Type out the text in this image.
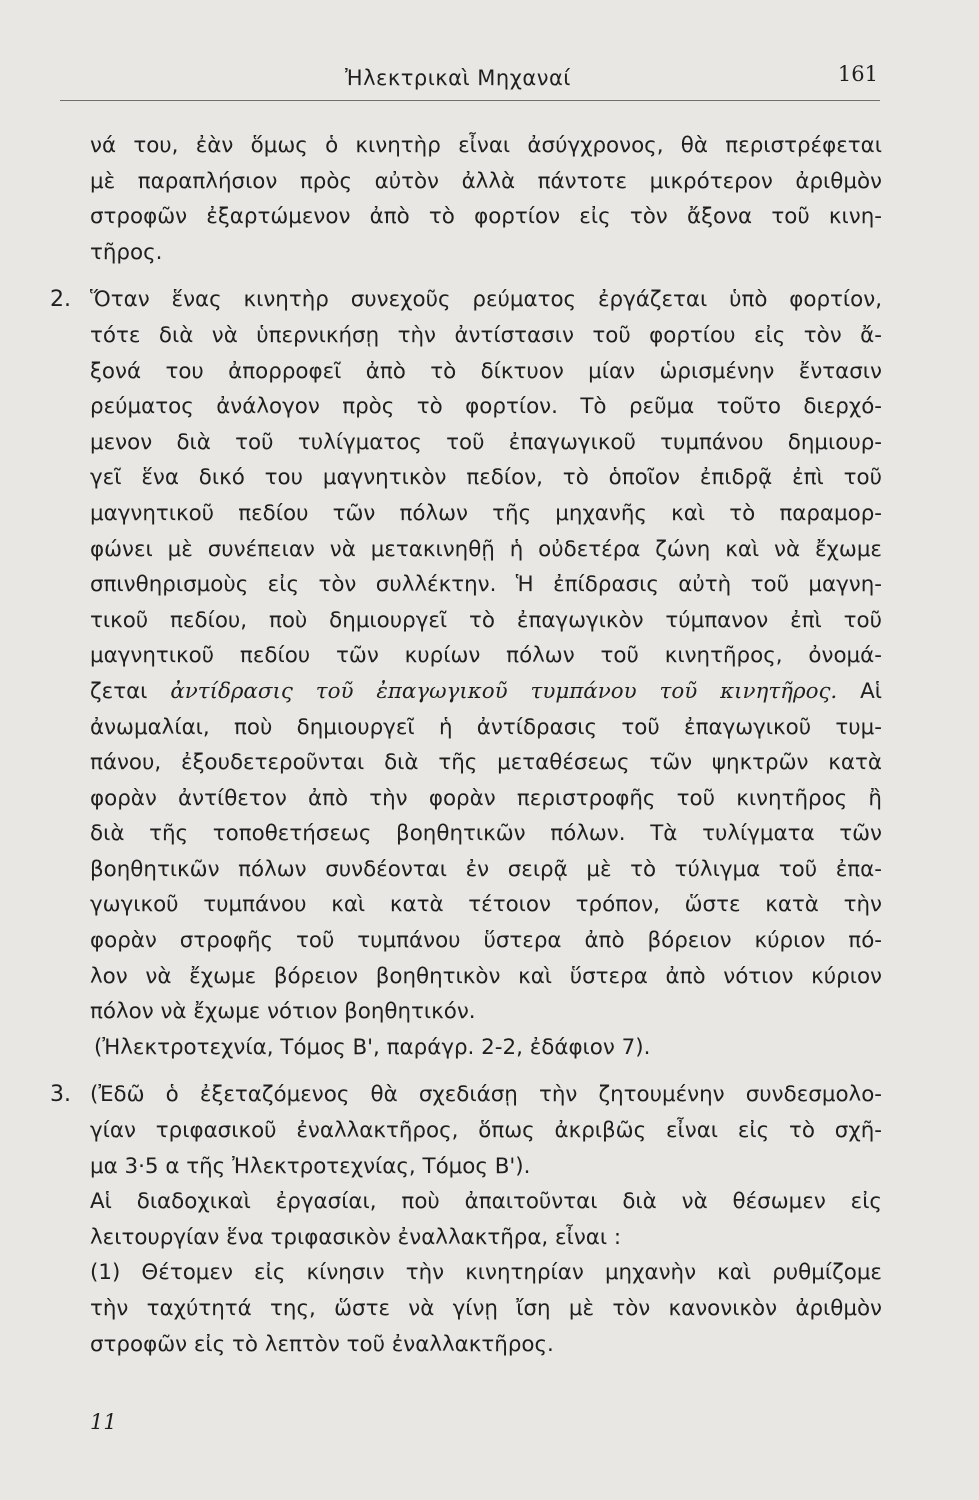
Ἠλεκτρικαὶ Μηχαναί	161
νά του, ἐὰν ὅμως ὁ κινητὴρ εἶναι ἀσύγχρονος, θὰ περιστρέφεται
μὲ παραπλήσιον πρὸς αὐτὸν ἀλλὰ πάντοτε μικρότερον ἀριθμὸν
στροφῶν ἐξαρτώμενον ἀπὸ τὸ φορτίον εἰς τὸν ἄξονα τοῦ κινη-
τῆρος.
2. Ὅταν ἕνας κινητὴρ συνεχοῦς ρεύματος ἐργάζεται ὑπὸ φορτίον,
τότε διὰ νὰ ὑπερνικήσῃ τὴν ἀντίστασιν τοῦ φορτίου εἰς τὸν ἄ-
ξονά του ἀπορροφεῖ ἀπὸ τὸ δίκτυον μίαν ὡρισμένην ἔντασιν
ρεύματος ἀνάλογον πρὸς τὸ φορτίον. Τὸ ρεῦμα τοῦτο διερχό-
μενον διὰ τοῦ τυλίγματος τοῦ ἐπαγωγικοῦ τυμπάνου δημιουρ-
γεῖ ἕνα δικό του μαγνητικὸν πεδίον, τὸ ὁποῖον ἐπιδρᾷ ἐπὶ τοῦ
μαγνητικοῦ πεδίου τῶν πόλων τῆς μηχανῆς καὶ τὸ παραμορ-
φώνει μὲ συνέπειαν νὰ μετακινηθῇ ἡ οὐδετέρα ζώνη καὶ νὰ ἔχωμε
σπινθηρισμοὺς εἰς τὸν συλλέκτην. Ἡ ἐπίδρασις αὐτὴ τοῦ μαγνη-
τικοῦ πεδίου, ποὺ δημιουργεῖ τὸ ἐπαγωγικὸν τύμπανον ἐπὶ τοῦ
μαγνητικοῦ πεδίου τῶν κυρίων πόλων τοῦ κινητῆρος, ὀνομά-
ζεται ἀντίδρασις τοῦ ἐπαγωγικοῦ τυμπάνου τοῦ κινητῆρος. Αἱ
ἀνωμαλίαι, ποὺ δημιουργεῖ ἡ ἀντίδρασις τοῦ ἐπαγωγικοῦ τυμ-
πάνου, ἐξουδετεροῦνται διὰ τῆς μεταθέσεως τῶν ψηκτρῶν κατὰ
φορὰν ἀντίθετον ἀπὸ τὴν φορὰν περιστροφῆς τοῦ κινητῆρος ἢ
διὰ τῆς τοποθετήσεως βοηθητικῶν πόλων. Τὰ τυλίγματα τῶν
βοηθητικῶν πόλων συνδέονται ἐν σειρᾷ μὲ τὸ τύλιγμα τοῦ ἐπα-
γωγικοῦ τυμπάνου καὶ κατὰ τέτοιον τρόπον, ὥστε κατὰ τὴν
φορὰν στροφῆς τοῦ τυμπάνου ὕστερα ἀπὸ βόρειον κύριον πό-
λον νὰ ἔχωμε βόρειον βοηθητικὸν καὶ ὕστερα ἀπὸ νότιον κύριον
πόλον νὰ ἔχωμε νότιον βοηθητικόν.
(Ἠλεκτροτεχνία, Τόμος Β', παράγρ. 2-2, ἐδάφιον 7).
3. (Ἐδῶ ὁ ἐξεταζόμενος θὰ σχεδιάσῃ τὴν ζητουμένην συνδεσμολο-
γίαν τριφασικοῦ ἐναλλακτῆρος, ὅπως ἀκριβῶς εἶναι εἰς τὸ σχῆ-
μα 3·5 α τῆς Ἠλεκτροτεχνίας, Τόμος Β').
Αἱ διαδοχικαὶ ἐργασίαι, ποὺ ἀπαιτοῦνται διὰ νὰ θέσωμεν εἰς
λειτουργίαν ἕνα τριφασικὸν ἐναλλακτῆρα, εἶναι :
(1) Θέτομεν εἰς κίνησιν τὴν κινητηρίαν μηχανὴν καὶ ρυθμίζομε
τὴν ταχύτητά της, ὥστε νὰ γίνῃ ἴση μὲ τὸν κανονικὸν ἀριθμὸν
στροφῶν εἰς τὸ λεπτὸν τοῦ ἐναλλακτῆρος.
11
